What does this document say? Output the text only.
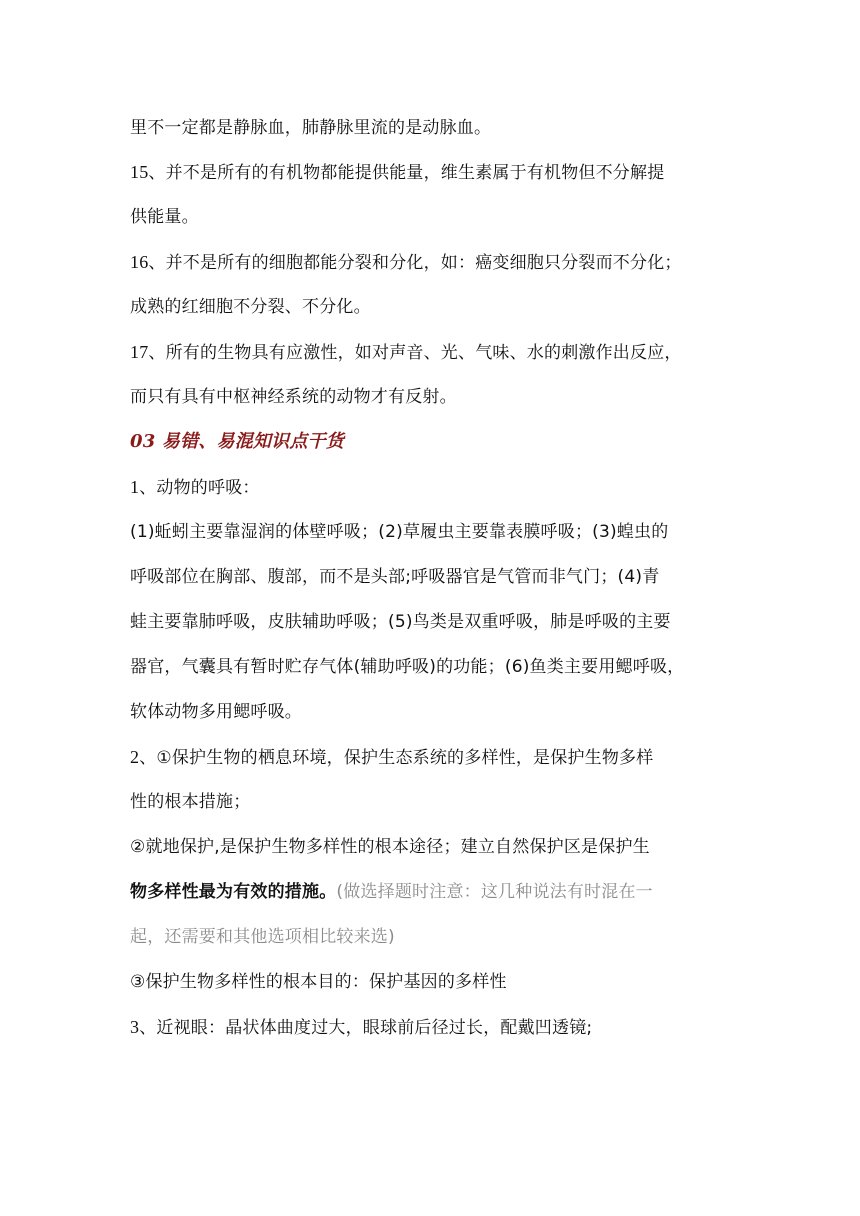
里不一定都是静脉血，肺静脉里流的是动脉血。
15、并不是所有的有机物都能提供能量，维生素属于有机物但不分解提
供能量。
16、并不是所有的细胞都能分裂和分化，如：癌变细胞只分裂而不分化；
成熟的红细胞不分裂、不分化。
17、所有的生物具有应激性，如对声音、光、气味、水的刺激作出反应，
而只有具有中枢神经系统的动物才有反射。
03 易错、易混知识点干货
1、动物的呼吸：
(1)蚯蚓主要靠湿润的体壁呼吸；(2)草履虫主要靠表膜呼吸；(3)蝗虫的
呼吸部位在胸部、腹部，而不是头部;呼吸器官是气管而非气门；(4)青
蛙主要靠肺呼吸，皮肤辅助呼吸；(5)鸟类是双重呼吸，肺是呼吸的主要
器官，气囊具有暂时贮存气体(辅助呼吸)的功能；(6)鱼类主要用鳃呼吸，
软体动物多用鳃呼吸。
2、①保护生物的栖息环境，保护生态系统的多样性，是保护生物多样
性的根本措施；
②就地保护,是保护生物多样性的根本途径；建立自然保护区是保护生
物多样性最为有效的措施。(做选择题时注意：这几种说法有时混在一
起，还需要和其他选项相比较来选)
③保护生物多样性的根本目的：保护基因的多样性
3、近视眼：晶状体曲度过大，眼球前后径过长，配戴凹透镜;
